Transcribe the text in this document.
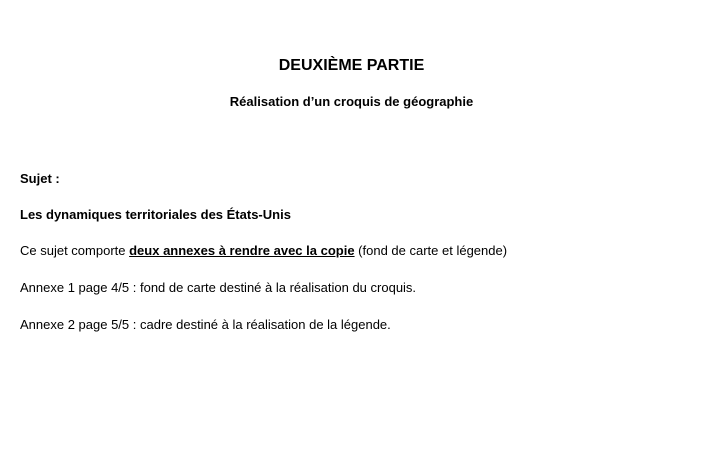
DEUXIÈME PARTIE
Réalisation d’un croquis de géographie
Sujet :
Les dynamiques territoriales des États-Unis
Ce sujet comporte deux annexes à rendre avec la copie (fond de carte et légende)
Annexe 1 page 4/5 : fond de carte destiné à la réalisation du croquis.
Annexe 2 page 5/5 : cadre destiné à la réalisation de la légende.
